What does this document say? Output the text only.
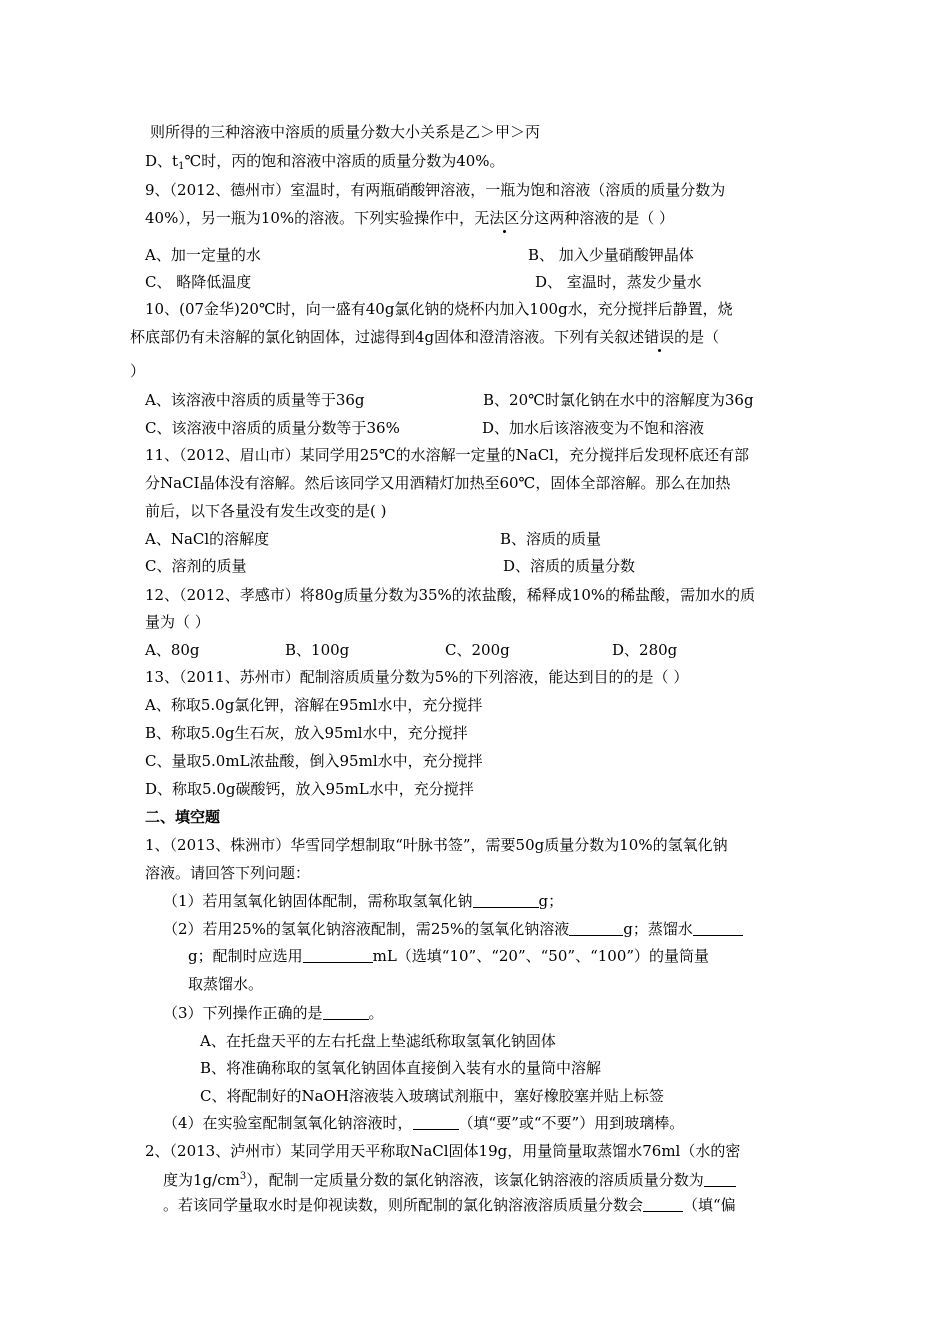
则所得的三种溶液中溶质的质量分数大小关系是乙＞甲＞丙
D、$t_1℃$时，丙的饱和溶液中溶质的质量分数为40%。
9、（2012、德州市）室温时，有两瓶硝酸钾溶液，一瓶为饱和溶液（溶质的质量分数为
40%），另一瓶为10%的溶液。下列实验操作中，无法区分这两种溶液的是（ ）
A、加一定量的水	B、 加入少量硝酸钾晶体
C、 略降低温度	D、 室温时，蒸发少量水
10、(07金华)20℃时，向一盛有40g氯化钠的烧杯内加入100g水，充分搅拌后静置，烧
杯底部仍有未溶解的氯化钠固体，过滤得到4g固体和澄清溶液。下列有关叙述错误的是（
）
A、该溶液中溶质的质量等于36g	B、20℃时氯化钠在水中的溶解度为36g
C、该溶液中溶质的质量分数等于36%	D、加水后该溶液变为不饱和溶液
11、（2012、眉山市）某同学用25℃的水溶解一定量的NaCl，充分搅拌后发现杯底还有部
分NaCI晶体没有溶解。然后该同学又用酒精灯加热至60℃，固体全部溶解。那么在加热
前后，以下各量没有发生改变的是( )
A、NaCl的溶解度	B、溶质的质量
C、溶剂的质量	D、溶质的质量分数
12、（2012、孝感市）将80g质量分数为35%的浓盐酸，稀释成10%的稀盐酸，需加水的质
量为（ ）
A、80g	B、100g	C、200g	D、280g
13、（2011、苏州市）配制溶质质量分数为5%的下列溶液，能达到目的的是（ ）
A、称取5.0g氯化钾，溶解在95ml水中，充分搅拌
B、称取5.0g生石灰，放入95ml水中，充分搅拌
C、量取5.0mL浓盐酸，倒入95ml水中，充分搅拌
D、称取5.0g碳酸钙，放入95mL水中，充分搅拌
二、填空题
1、（2013、株洲市）华雪同学想制取“叶脉书签”，需要50g质量分数为10%的氢氧化钠
溶液。请回答下列问题：
（1）若用氢氧化钠固体配制，需称取氢氧化钠	g；
（2）若用25%的氢氧化钠溶液配制，需25%的氢氧化钠溶液	g；蒸馏水
g；配制时应选用	mL（选填“10”、“20”、“50”、“100”）的量筒量
取蒸馏水。
（3）下列操作正确的是	。
A、在托盘天平的左右托盘上垫滤纸称取氢氧化钠固体
B、将准确称取的氢氧化钠固体直接倒入装有水的量筒中溶解
C、将配制好的NaOH溶液装入玻璃试剂瓶中，塞好橡胶塞并贴上标签
（4）在实验室配制氢氧化钠溶液时，	（填“要”或“不要”）用到玻璃棒。
2、（2013、泸州市）某同学用天平称取NaCl固体19g，用量筒量取蒸馏水76ml（水的密
度为$1g/cm^3$），配制一定质量分数的氯化钠溶液，该氯化钠溶液的溶质质量分数为
。若该同学量取水时是仰视读数，则所配制的氯化钠溶液溶质质量分数会	（填“偏
